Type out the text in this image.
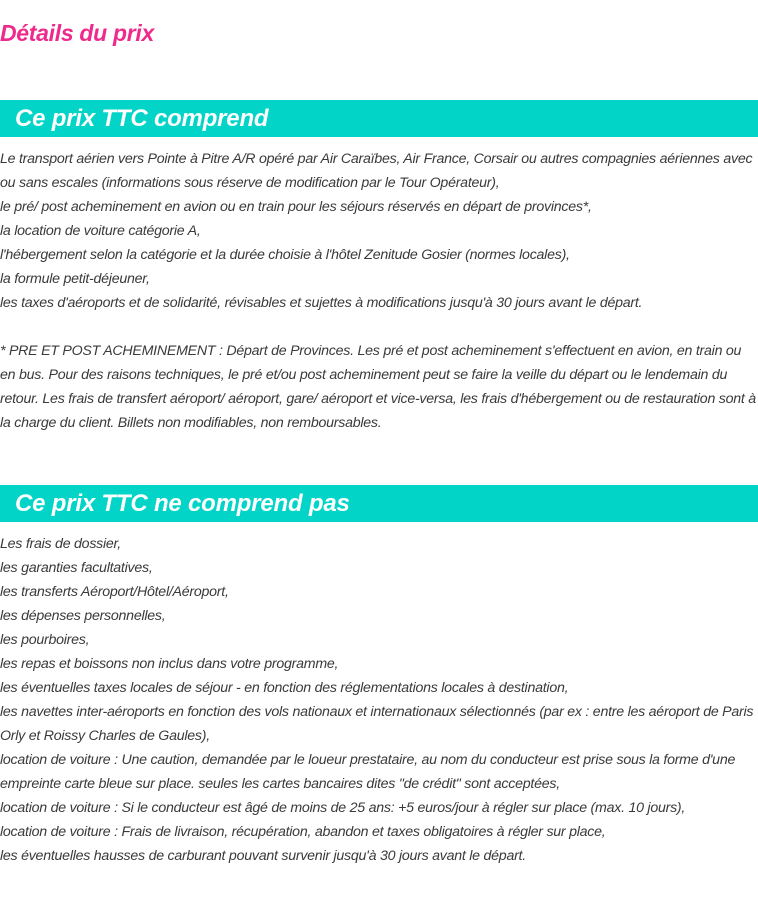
Détails du prix
Ce prix TTC comprend

Le transport aérien vers Pointe à Pitre A/R opéré par Air Caraïbes, Air France, Corsair ou autres compagnies aériennes avec ou sans escales (informations sous réserve de modification par le Tour Opérateur),

le pré/ post acheminement en avion ou en train pour les séjours réservés en départ de provinces*,

la location de voiture catégorie A,

l'hébergement selon la catégorie et la durée choisie à l'hôtel Zenitude Gosier (normes locales),

la formule petit-déjeuner,

les taxes d'aéroports et de solidarité, révisables et sujettes à modifications jusqu'à 30 jours avant le départ.

* PRE ET POST ACHEMINEMENT : Départ de Provinces. Les pré et post acheminement s'effectuent en avion, en train ou en bus. Pour des raisons techniques, le pré et/ou post acheminement peut se faire la veille du départ ou le lendemain du retour. Les frais de transfert aéroport/ aéroport, gare/ aéroport et vice-versa, les frais d'hébergement ou de restauration sont à la charge du client. Billets non modifiables, non remboursables.

Ce prix TTC ne comprend pas

Les frais de dossier,

les garanties facultatives,

les transferts Aéroport/Hôtel/Aéroport,

les dépenses personnelles,

les pourboires,

les repas et boissons non inclus dans votre programme,

les éventuelles taxes locales de séjour - en fonction des réglementations locales à destination,

les navettes inter-aéroports en fonction des vols nationaux et internationaux sélectionnés (par ex : entre les aéroport de Paris Orly et Roissy Charles de Gaules),

location de voiture : Une caution, demandée par le loueur prestataire, au nom du conducteur est prise sous la forme d'une empreinte carte bleue sur place. seules les cartes bancaires dites "de crédit" sont acceptées,

location de voiture : Si le conducteur est âgé de moins de 25 ans: +5 euros/jour à régler sur place (max. 10 jours),

location de voiture : Frais de livraison, récupération, abandon et taxes obligatoires à régler sur place,

les éventuelles hausses de carburant pouvant survenir jusqu'à 30 jours avant le départ.
